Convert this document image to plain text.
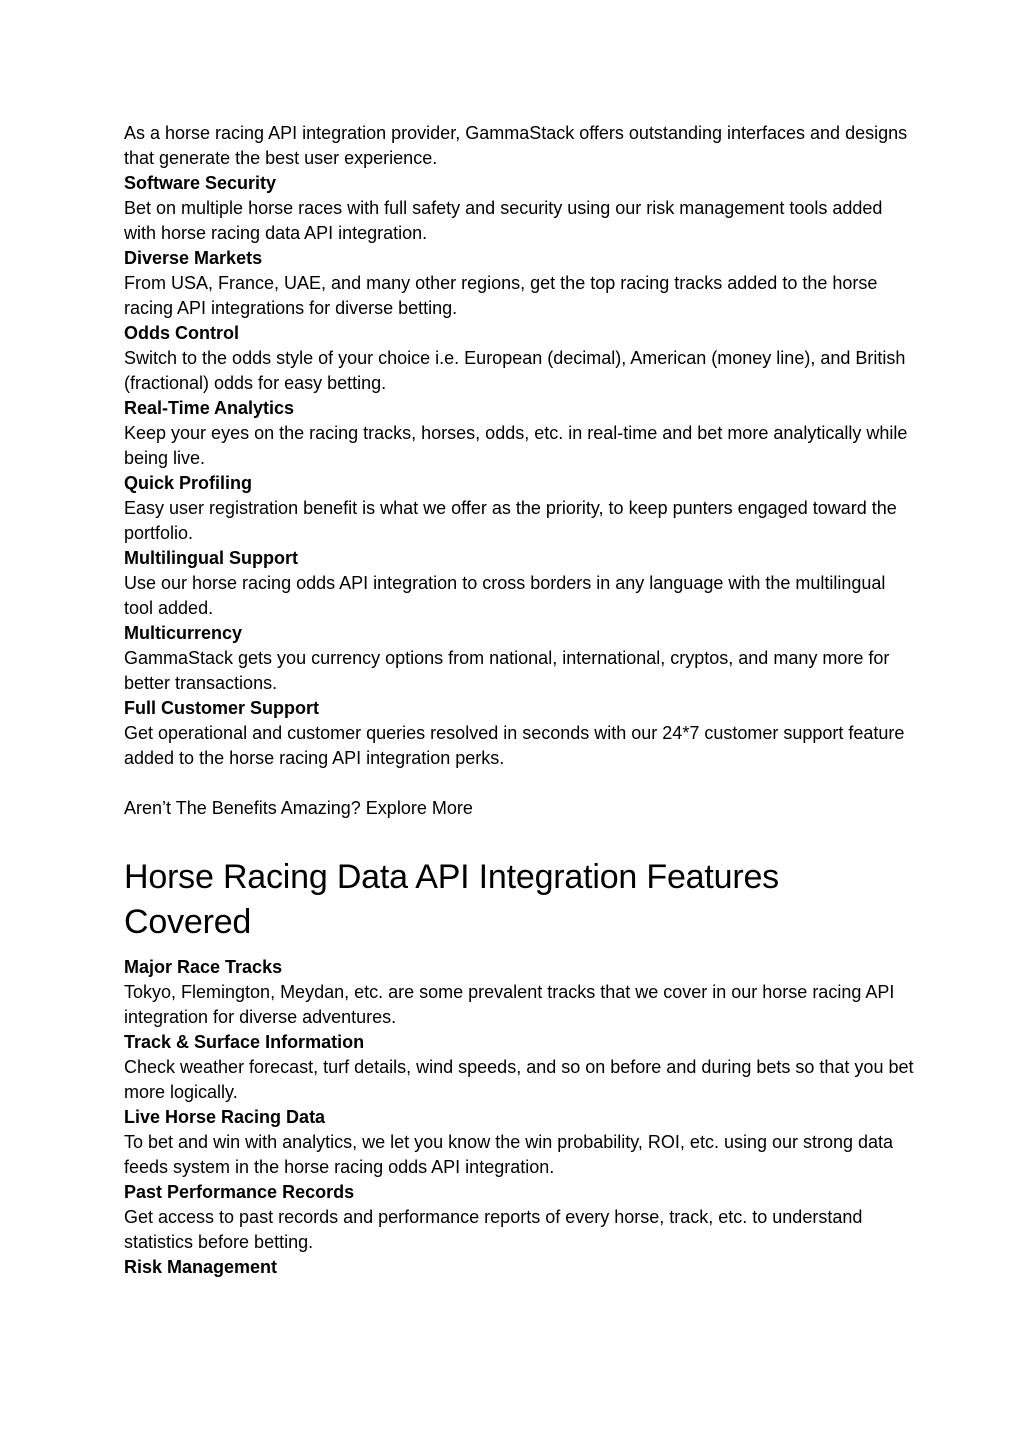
As a horse racing API integration provider, GammaStack offers outstanding interfaces and designs that generate the best user experience.

Software Security

Bet on multiple horse races with full safety and security using our risk management tools added with horse racing data API integration.

Diverse Markets

From USA, France, UAE, and many other regions, get the top racing tracks added to the horse racing API integrations for diverse betting.

Odds Control

Switch to the odds style of your choice i.e. European (decimal), American (money line), and British (fractional) odds for easy betting.

Real-Time Analytics

Keep your eyes on the racing tracks, horses, odds, etc. in real-time and bet more analytically while being live.

Quick Profiling

Easy user registration benefit is what we offer as the priority, to keep punters engaged toward the portfolio.

Multilingual Support

Use our horse racing odds API integration to cross borders in any language with the multilingual tool added.

Multicurrency

GammaStack gets you currency options from national, international, cryptos, and many more for better transactions.

Full Customer Support

Get operational and customer queries resolved in seconds with our 24*7 customer support feature added to the horse racing API integration perks.

Aren’t The Benefits Amazing? Explore More

Horse Racing Data API Integration Features Covered

Major Race Tracks

Tokyo, Flemington, Meydan, etc. are some prevalent tracks that we cover in our horse racing API integration for diverse adventures.

Track & Surface Information

Check weather forecast, turf details, wind speeds, and so on before and during bets so that you bet more logically.

Live Horse Racing Data

To bet and win with analytics, we let you know the win probability, ROI, etc. using our strong data feeds system in the horse racing odds API integration.

Past Performance Records

Get access to past records and performance reports of every horse, track, etc. to understand statistics before betting.

Risk Management
